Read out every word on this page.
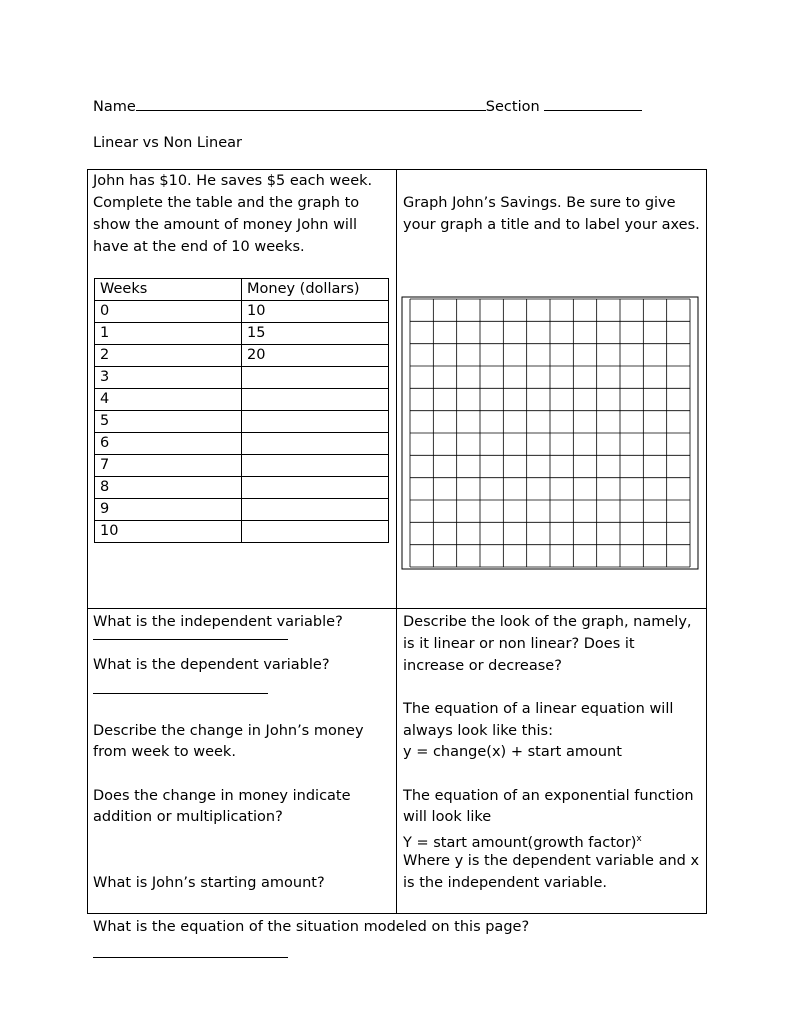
Name	Section
Linear vs Non Linear
John has $10. He saves $5 each week.
Complete the table and the graph to
show the amount of money John will
have at the end of 10 weeks.
Weeks	Money (dollars)
0	10
1	15
2	20
3	
4	
5	
6	
7	
8	
9	
10	
Graph John’s Savings. Be sure to give
your graph a title and to label your axes.
What is the independent variable?
What is the dependent variable?
Describe the change in John’s money
from week to week.
Does the change in money indicate
addition or multiplication?
What is John’s starting amount?
Describe the look of the graph, namely,
is it linear or non linear? Does it
increase or decrease?
The equation of a linear equation will
always look like this:
y = change(x) + start amount
The equation of an exponential function
will look like
Y = start amount(growth factor)$^x$
Where y is the dependent variable and x
is the independent variable.
What is the equation of the situation modeled on this page?
